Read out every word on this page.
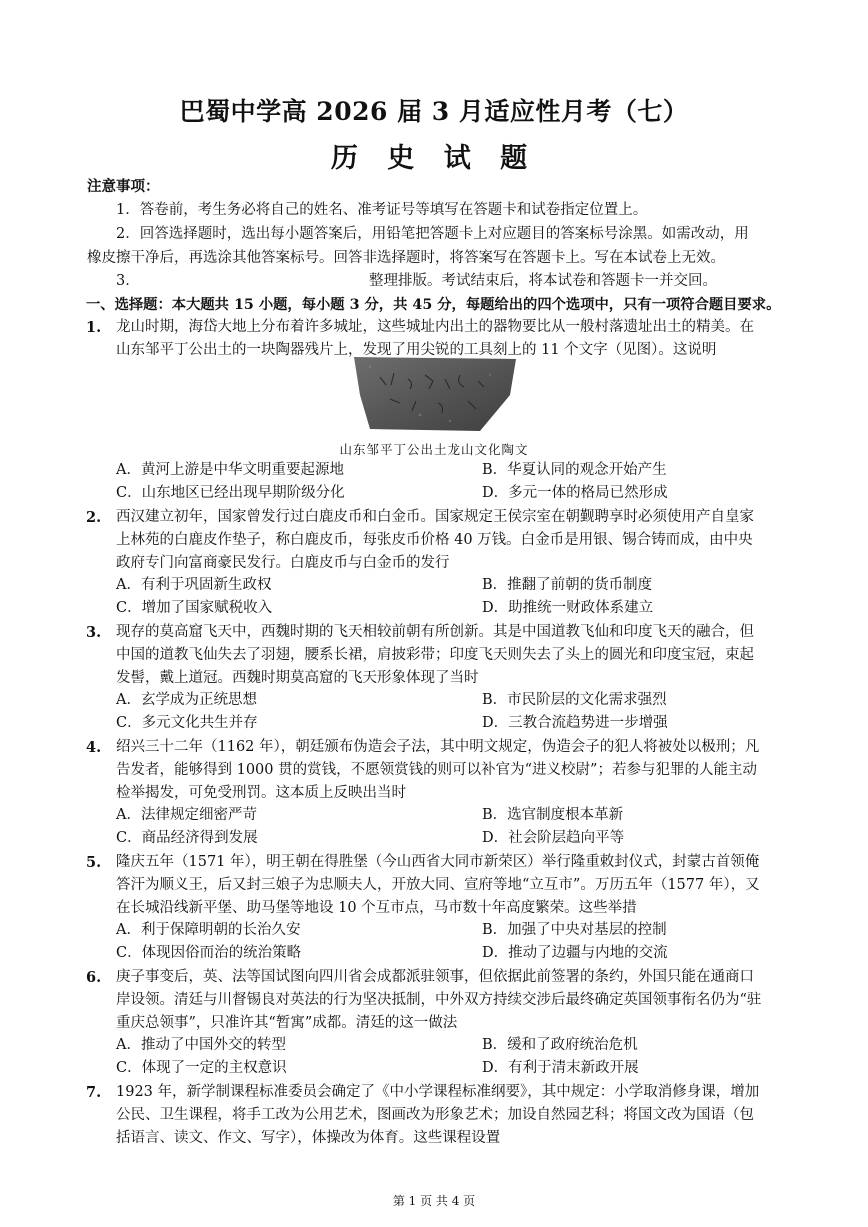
巴蜀中学高 2026 届 3 月适应性月考（七）
历 史 试 题
注意事项：
1．答卷前，考生务必将自己的姓名、准考证号等填写在答题卡和试卷指定位置上。
2．回答选择题时，选出每小题答案后，用铅笔把答题卡上对应题目的答案标号涂黑。如需改动，用
橡皮擦干净后，再选涂其他答案标号。回答非选择题时，将答案写在答题卡上。写在本试卷上无效。
3．	整理排版。考试结束后，将本试卷和答题卡一并交回。
一、选择题：本大题共 15 小题，每小题 3 分，共 45 分，每题给出的四个选项中，只有一项符合题目要求。
1. 龙山时期，海岱大地上分布着许多城址，这些城址内出土的器物要比从一般村落遗址出土的精美。在
山东邹平丁公出土的一块陶器残片上，发现了用尖锐的工具刻上的 11 个文字（见图）。这说明
山东邹平丁公出土龙山文化陶文
A．黄河上游是中华文明重要起源地	B．华夏认同的观念开始产生
C．山东地区已经出现早期阶级分化	D．多元一体的格局已然形成
2. 西汉建立初年，国家曾发行过白鹿皮币和白金币。国家规定王侯宗室在朝觐聘享时必须使用产自皇家
上林苑的白鹿皮作垫子，称白鹿皮币，每张皮币价格 40 万钱。白金币是用银、锡合铸而成，由中央
政府专门向富商豪民发行。白鹿皮币与白金币的发行
A．有利于巩固新生政权	B．推翻了前朝的货币制度
C．增加了国家赋税收入	D．助推统一财政体系建立
3. 现存的莫高窟飞天中，西魏时期的飞天相较前朝有所创新。其是中国道教飞仙和印度飞天的融合，但
中国的道教飞仙失去了羽翅，腰系长裙，肩披彩带；印度飞天则失去了头上的圆光和印度宝冠，束起
发髻，戴上道冠。西魏时期莫高窟的飞天形象体现了当时
A．玄学成为正统思想	B．市民阶层的文化需求强烈
C．多元文化共生并存	D．三教合流趋势进一步增强
4. 绍兴三十二年（1162 年），朝廷颁布伪造会子法，其中明文规定，伪造会子的犯人将被处以极刑；凡
告发者，能够得到 1000 贯的赏钱，不愿领赏钱的则可以补官为“进义校尉”；若参与犯罪的人能主动
检举揭发，可免受刑罚。这本质上反映出当时
A．法律规定细密严苛	B．选官制度根本革新
C．商品经济得到发展	D．社会阶层趋向平等
5. 隆庆五年（1571 年），明王朝在得胜堡（今山西省大同市新荣区）举行隆重敕封仪式，封蒙古首领俺
答汗为顺义王，后又封三娘子为忠顺夫人，开放大同、宣府等地“立互市”。万历五年（1577 年），又
在长城沿线新平堡、助马堡等地设 10 个互市点，马市数十年高度繁荣。这些举措
A．利于保障明朝的长治久安	B．加强了中央对基层的控制
C．体现因俗而治的统治策略	D．推动了边疆与内地的交流
6. 庚子事变后，英、法等国试图向四川省会成都派驻领事，但依据此前签署的条约，外国只能在通商口
岸设领。清廷与川督锡良对英法的行为坚决抵制，中外双方持续交涉后最终确定英国领事衔名仍为“驻
重庆总领事”，只准许其“暂寓”成都。清廷的这一做法
A．推动了中国外交的转型	B．缓和了政府统治危机
C．体现了一定的主权意识	D．有利于清末新政开展
7. 1923 年，新学制课程标准委员会确定了《中小学课程标准纲要》，其中规定：小学取消修身课，增加
公民、卫生课程，将手工改为公用艺术，图画改为形象艺术；加设自然园艺科；将国文改为国语（包
括语言、读文、作文、写字），体操改为体育。这些课程设置
第 1 页 共 4 页
